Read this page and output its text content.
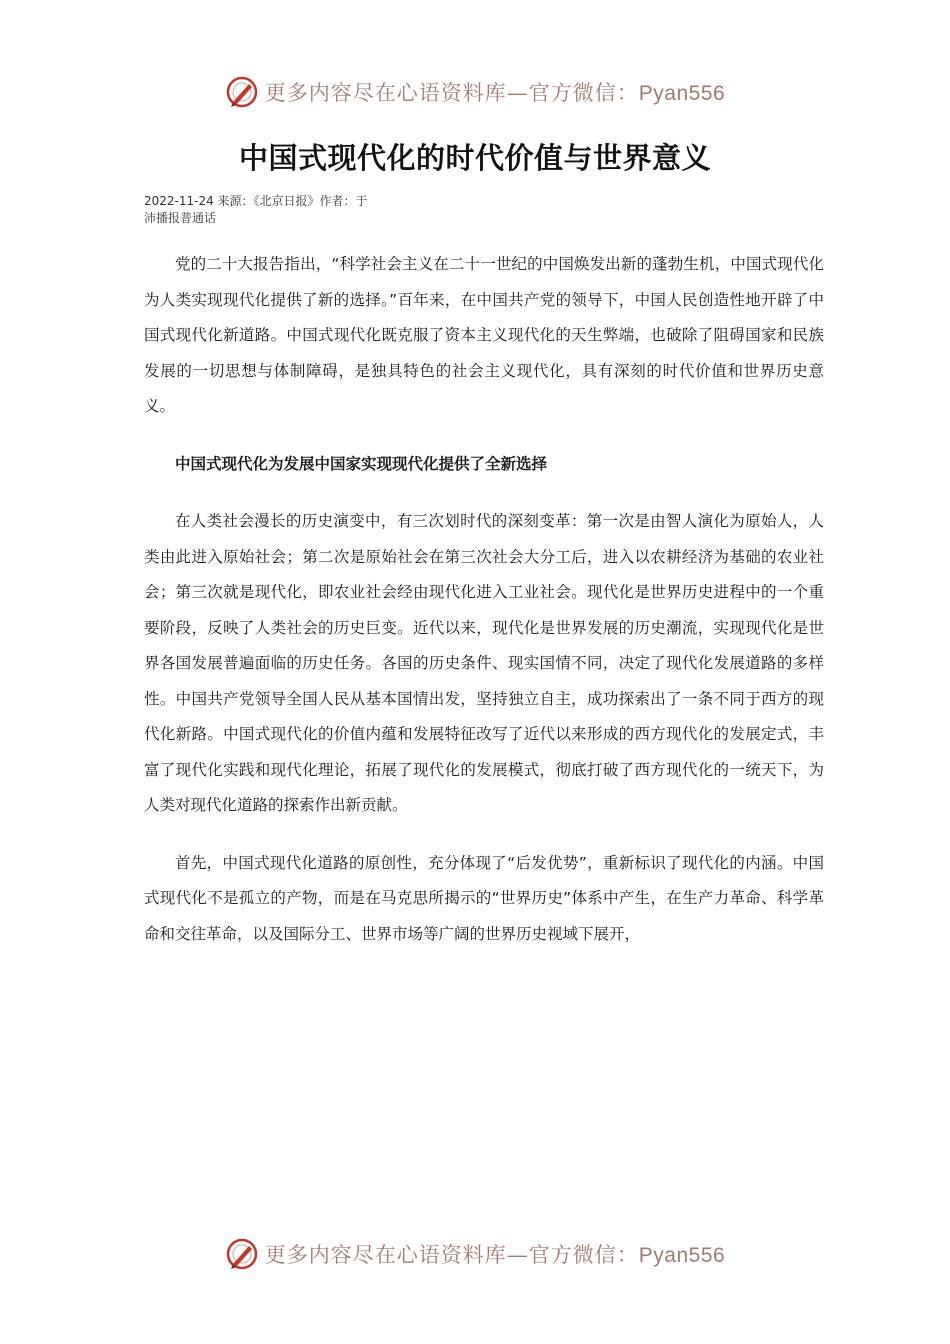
更多内容尽在心语资料库—官方微信：Pyan556
中国式现代化的时代价值与世界意义
2022-11-24 来源：《北京日报》作者：于
沛播报普通话

党的二十大报告指出，“科学社会主义在二十一世纪的中国焕发出新的蓬勃生机，中国式现代化为人类实现现代化提供了新的选择。”百年来，在中国共产党的领导下，中国人民创造性地开辟了中国式现代化新道路。中国式现代化既克服了资本主义现代化的天生弊端，也破除了阻碍国家和民族发展的一切思想与体制障碍，是独具特色的社会主义现代化，具有深刻的时代价值和世界历史意义。

中国式现代化为发展中国家实现现代化提供了全新选择

在人类社会漫长的历史演变中，有三次划时代的深刻变革：第一次是由智人演化为原始人，人类由此进入原始社会；第二次是原始社会在第三次社会大分工后，进入以农耕经济为基础的农业社会；第三次就是现代化，即农业社会经由现代化进入工业社会。现代化是世界历史进程中的一个重要阶段，反映了人类社会的历史巨变。近代以来，现代化是世界发展的历史潮流，实现现代化是世界各国发展普遍面临的历史任务。各国的历史条件、现实国情不同，决定了现代化发展道路的多样性。中国共产党领导全国人民从基本国情出发，坚持独立自主，成功探索出了一条不同于西方的现代化新路。中国式现代化的价值内蕴和发展特征改写了近代以来形成的西方现代化的发展定式，丰富了现代化实践和现代化理论，拓展了现代化的发展模式，彻底打破了西方现代化的一统天下，为人类对现代化道路的探索作出新贡献。

首先，中国式现代化道路的原创性，充分体现了“后发优势”，重新标识了现代化的内涵。中国式现代化不是孤立的产物，而是在马克思所揭示的“世界历史”体系中产生，在生产力革命、科学革命和交往革命，以及国际分工、世界市场等广阔的世界历史视域下展开，

更多内容尽在心语资料库—官方微信：Pyan556
